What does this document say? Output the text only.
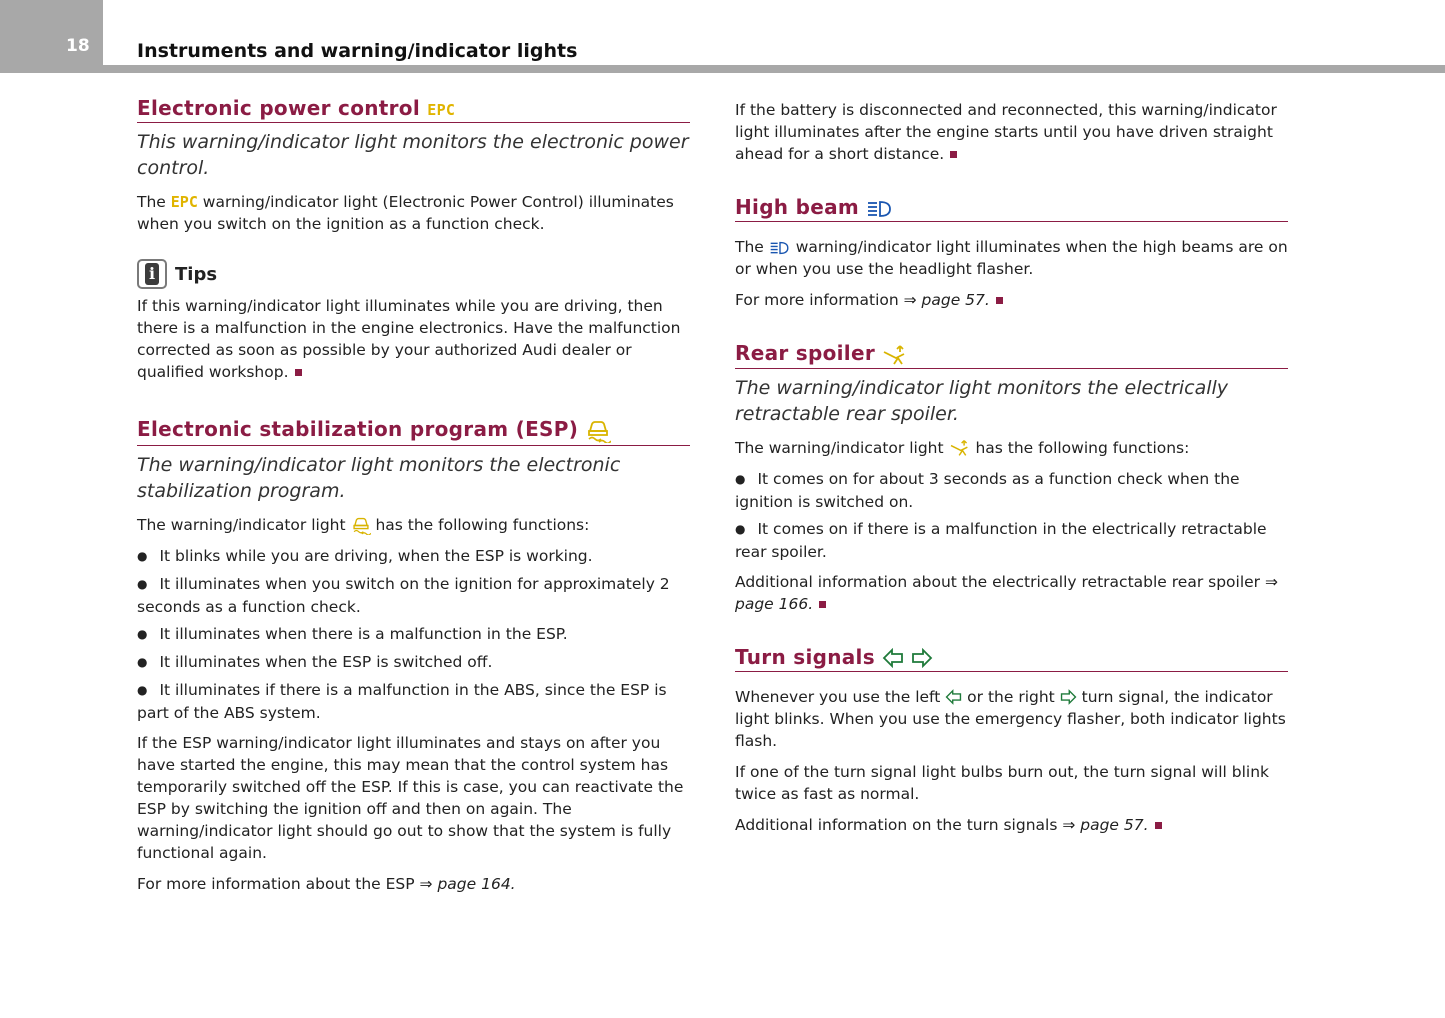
18 Instruments and warning/indicator lights
Electronic power control EPC
This warning/indicator light monitors the electronic power control.

The EPC warning/indicator light (Electronic Power Control) illuminates when you switch on the ignition as a function check.

i Tips

If this warning/indicator light illuminates while you are driving, then there is a malfunction in the engine electronics. Have the malfunction corrected as soon as possible by your authorized Audi dealer or qualified workshop.

Electronic stabilization program (ESP)
The warning/indicator light monitors the electronic stabilization program.

The warning/indicator light has the following functions:

● It blinks while you are driving, when the ESP is working.
● It illuminates when you switch on the ignition for approximately 2 seconds as a function check.
● It illuminates when there is a malfunction in the ESP.
● It illuminates when the ESP is switched off.
● It illuminates if there is a malfunction in the ABS, since the ESP is part of the ABS system.

If the ESP warning/indicator light illuminates and stays on after you have started the engine, this may mean that the control system has temporarily switched off the ESP. If this is case, you can reactivate the ESP by switching the ignition off and then on again. The warning/indicator light should go out to show that the system is fully functional again.

For more information about the ESP ⇒ page 164.

If the battery is disconnected and reconnected, this warning/indicator light illuminates after the engine starts until you have driven straight ahead for a short distance.

High beam

The warning/indicator light illuminates when the high beams are on or when you use the headlight flasher.

For more information ⇒ page 57.

Rear spoiler
The warning/indicator light monitors the electrically retractable rear spoiler.

The warning/indicator light has the following functions:

● It comes on for about 3 seconds as a function check when the ignition is switched on.
● It comes on if there is a malfunction in the electrically retractable rear spoiler.

Additional information about the electrically retractable rear spoiler ⇒ page 166.

Turn signals

Whenever you use the left or the right turn signal, the indicator light blinks. When you use the emergency flasher, both indicator lights flash.

If one of the turn signal light bulbs burn out, the turn signal will blink twice as fast as normal.

Additional information on the turn signals ⇒ page 57.
